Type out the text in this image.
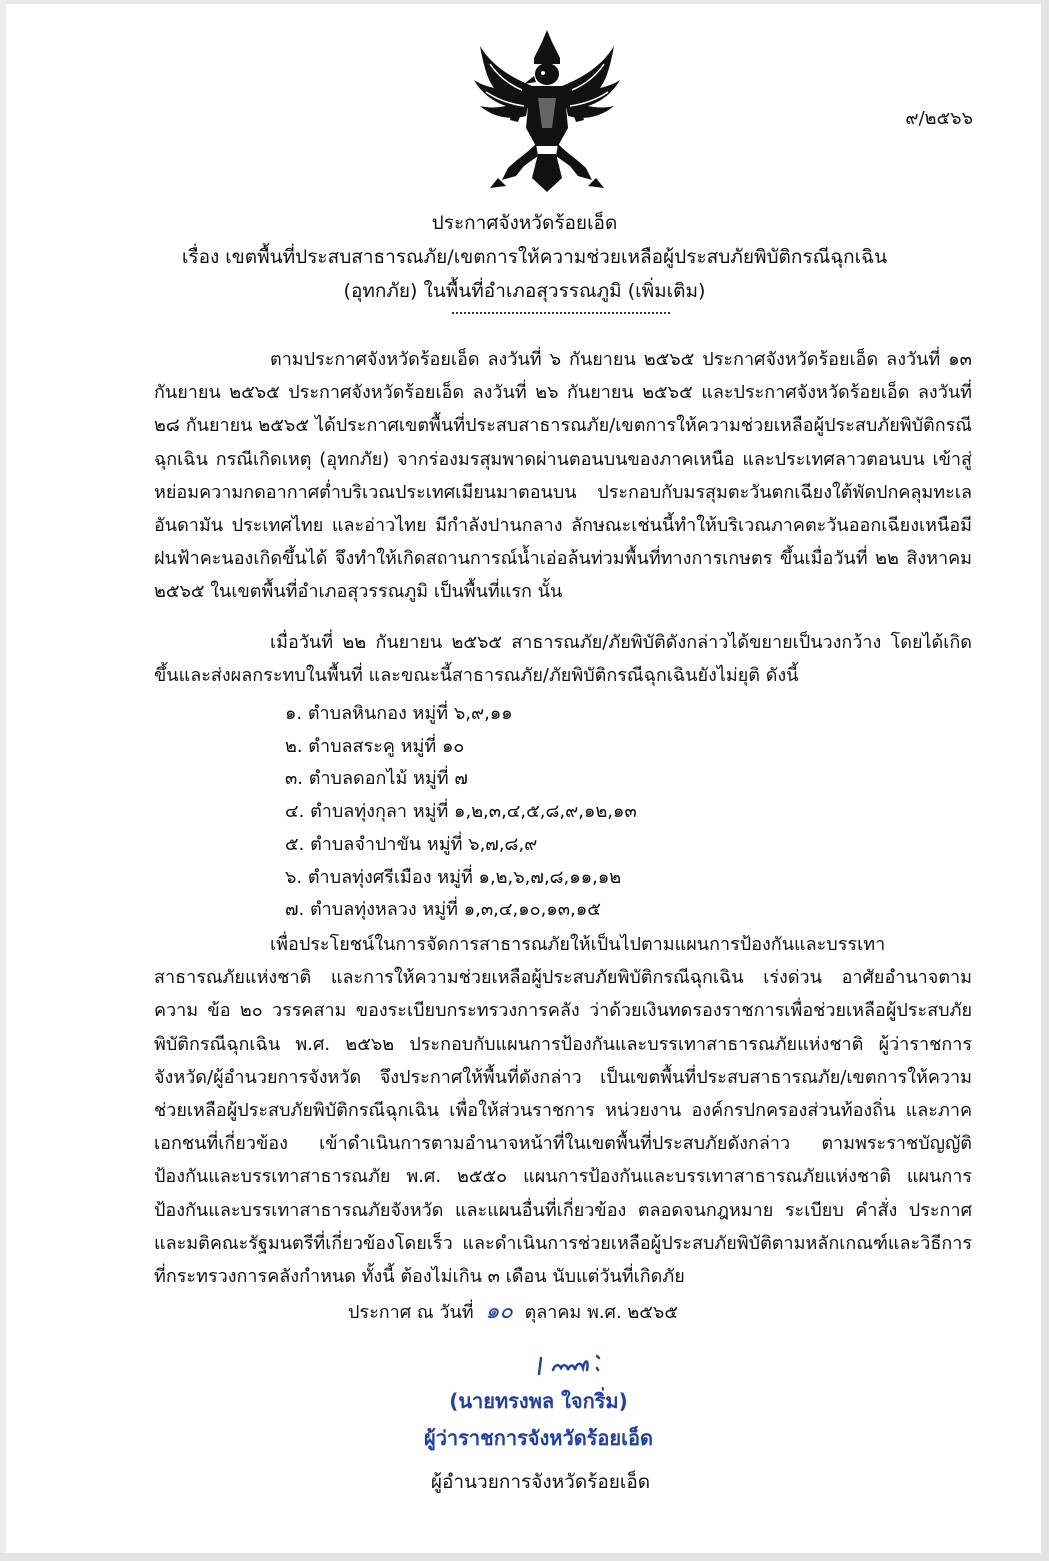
๙/๒๕๖๖
ประกาศจังหวัดร้อยเอ็ด
เรื่อง เขตพื้นที่ประสบสาธารณภัย/เขตการให้ความช่วยเหลือผู้ประสบภัยพิบัติกรณีฉุกเฉิน
(อุทกภัย) ในพื้นที่อำเภอสุวรรณภูมิ (เพิ่มเติม)
ตามประกาศจังหวัดร้อยเอ็ด ลงวันที่ ๖ กันยายน ๒๕๖๕ ประกาศจังหวัดร้อยเอ็ด ลงวันที่ ๑๓ กันยายน ๒๕๖๕ ประกาศจังหวัดร้อยเอ็ด ลงวันที่ ๒๖ กันยายน ๒๕๖๕ และประกาศจังหวัดร้อยเอ็ด ลงวันที่ ๒๘ กันยายน ๒๕๖๕ ได้ประกาศเขตพื้นที่ประสบสาธารณภัย/เขตการให้ความช่วยเหลือผู้ประสบภัยพิบัติกรณีฉุกเฉิน กรณีเกิดเหตุ (อุทกภัย) จากร่องมรสุมพาดผ่านตอนบนของภาคเหนือ และประเทศลาวตอนบน เข้าสู่หย่อมความกดอากาศต่ำบริเวณประเทศเมียนมาตอนบน ประกอบกับมรสุมตะวันตกเฉียงใต้พัดปกคลุมทะเลอันดามัน ประเทศไทย และอ่าวไทย มีกำลังปานกลาง ลักษณะเช่นนี้ทำให้บริเวณภาคตะวันออกเฉียงเหนือมีฝนฟ้าคะนองเกิดขึ้นได้ จึงทำให้เกิดสถานการณ์น้ำเอ่อล้นท่วมพื้นที่ทางการเกษตร ขึ้นเมื่อวันที่ ๒๒ สิงหาคม ๒๕๖๕ ในเขตพื้นที่อำเภอสุวรรณภูมิ เป็นพื้นที่แรก นั้น
เมื่อวันที่ ๒๒ กันยายน ๒๕๖๕ สาธารณภัย/ภัยพิบัติดังกล่าวได้ขยายเป็นวงกว้าง โดยได้เกิดขึ้นและส่งผลกระทบในพื้นที่ และขณะนี้สาธารณภัย/ภัยพิบัติกรณีฉุกเฉินยังไม่ยุติ ดังนี้
๑. ตำบลหินกอง หมู่ที่ ๖,๙,๑๑
๒. ตำบลสระคู หมู่ที่ ๑๐
๓. ตำบลดอกไม้ หมู่ที่ ๗
๔. ตำบลทุ่งกุลา หมู่ที่ ๑,๒,๓,๔,๕,๘,๙,๑๒,๑๓
๕. ตำบลจำปาขัน หมู่ที่ ๖,๗,๘,๙
๖. ตำบลทุ่งศรีเมือง หมู่ที่ ๑,๒,๖,๗,๘,๑๑,๑๒
๗. ตำบลทุ่งหลวง หมู่ที่ ๑,๓,๔,๑๐,๑๓,๑๕
เพื่อประโยชน์ในการจัดการสาธารณภัยให้เป็นไปตามแผนการป้องกันและบรรเทาสาธารณภัยแห่งชาติ และการให้ความช่วยเหลือผู้ประสบภัยพิบัติกรณีฉุกเฉิน เร่งด่วน อาศัยอำนาจตามความ ข้อ ๒๐ วรรคสาม ของระเบียบกระทรวงการคลัง ว่าด้วยเงินทดรองราชการเพื่อช่วยเหลือผู้ประสบภัยพิบัติกรณีฉุกเฉิน พ.ศ. ๒๕๖๒ ประกอบกับแผนการป้องกันและบรรเทาสาธารณภัยแห่งชาติ ผู้ว่าราชการจังหวัด/ผู้อำนวยการจังหวัด จึงประกาศให้พื้นที่ดังกล่าว เป็นเขตพื้นที่ประสบสาธารณภัย/เขตการให้ความช่วยเหลือผู้ประสบภัยพิบัติกรณีฉุกเฉิน เพื่อให้ส่วนราชการ หน่วยงาน องค์กรปกครองส่วนท้องถิ่น และภาคเอกชนที่เกี่ยวข้อง เข้าดำเนินการตามอำนาจหน้าที่ในเขตพื้นที่ประสบภัยดังกล่าว ตามพระราชบัญญัติป้องกันและบรรเทาสาธารณภัย พ.ศ. ๒๕๕๐ แผนการป้องกันและบรรเทาสาธารณภัยแห่งชาติ แผนการป้องกันและบรรเทาสาธารณภัยจังหวัด และแผนอื่นที่เกี่ยวข้อง ตลอดจนกฎหมาย ระเบียบ คำสั่ง ประกาศ และมติคณะรัฐมนตรีที่เกี่ยวข้องโดยเร็ว และดำเนินการช่วยเหลือผู้ประสบภัยพิบัติตามหลักเกณฑ์และวิธีการที่กระทรวงการคลังกำหนด ทั้งนี้ ต้องไม่เกิน ๓ เดือน นับแต่วันที่เกิดภัย
ประกาศ ณ วันที่ ๑๐ ตุลาคม พ.ศ. ๒๕๖๕
(นายทรงพล ใจกริ่ม)
ผู้ว่าราชการจังหวัดร้อยเอ็ด
ผู้อำนวยการจังหวัดร้อยเอ็ด
